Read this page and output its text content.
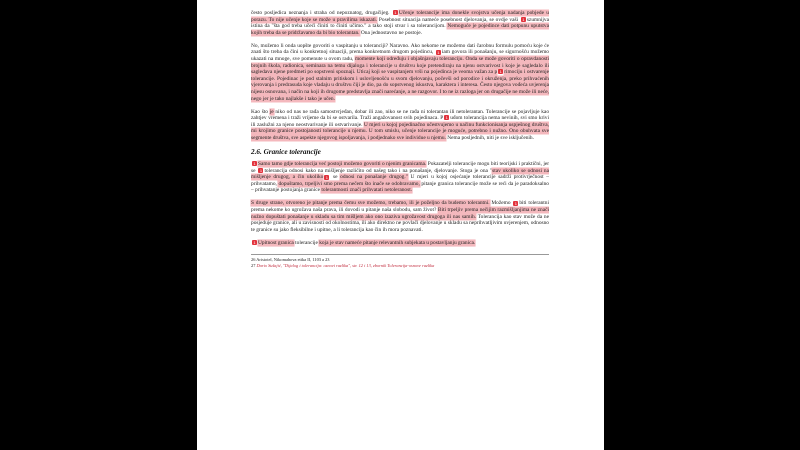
često posljedica neznanja i straha od nepoznatog, drugačijeg. 1 Učenje tolerancije ima donekle svojstva učenja nadanja pobjede u porazu. To nije učenje koje se može u pravilima iskazati. Posebnost situacija nameće posebnost djelovanja, se ovdje vaši 1 szumnijva istina da "šta god treba učeći činiti to činiti učimo." a tako stoji stvar i sa tolerancijom. Nemoguće je pojedince dati potpunu uputstva kojih treba da se pridržavamo da bi bio tolerantan. Ona jednostavno ne postoje.
No, možemo li onda uopšte govoriti o vaspitanju u toleranciji? Naravno. Ako nekome ne možemo dati čarobnu formulu pomoću koje će znati što treba da čini u konkretnoj situaciji, prema konkretnom drugom pojedincu, 1 iam govora ili ponašanju, se sigurnošću možemo ukazati na mnoge, sve pomenute u ovom radu, momente koji određuju i objašnjavaju toleranciju. Onda se može govoriti o opravdanosti brojnih škola, radionica, seminara na temu dijaloga i tolerancije u društvu koje pretendiraju na njenu ostvarivost i koje je sagledalo ili sagledava njene predmeti po sopstveni spoznaji. Uticaj koji se vaspitanjem vrši na pojedinca je veoma važan za p 1 rimociju i ostvarenje tolerancije. Pojedinac je pod stalnim pritiskom i uslovljenošću u svom djelovanju, počevši od porodice i okruženja, preko prihvaćenih vjerovanja i predrasuda koje vladaju u društvu čiji je dio, pa do sopstvenog iskustva, karaktera i interesa. Često njegova vođeća uvjerenja nijesu osnovana, i način na koji ih drugome predstavlja znači narećanje, a ne razgovor. I to ne iz razloga jer on drugačije ne može ili neće, nego jer je tako najlakše i tako je učen.
Kao što je niko od nas ne rađa samostvrjeđan, dobar ili zao, niko se ne rađa ni tolerantan ili netolerantan. Tolerancije se pojavljuje kao zahtjev vremena i traži vrijeme da bi se ostvarila. Traži angažovanost svih pojedinaca. P 1 uđom tolerancija nema nevinih, svi smo krivi ili zaslužni za njeno neostvarivanje ili ostvarivanje. U mjeri u kojoj pojedinačno učestvujemo u načinu funkcionisanja uspješnog društva, mi krojimo granice postojanosti tolerancije u njemu. U tom smislu, učenje tolerancije je moguće, potrebno i nužno. Ono obuhvata sve segmente društva, sve aspekte njegovog ispoljavanja, i podjednako sve individue u njemu. Nema posljednih, niti je sve isključenih.
2.6. Granice tolerancije
1 Samo tamo gdje tolerancija već postoji možemo govoriti o njenim granicama. Pokazatelji tolerancije mogu biti teorijski i praktični, jer se 1 tolerancija odnosi kako na mišljenje različito od našeg tako i na ponašanje, djelovanje. Stoga je ona "stav ukoliko se odnosi na mišljenje drugog, a čin ukoliko 1 se odnosi na ponašanje drugog." U mjeri u kojoj osjećanje tolerancije sadrži protivrječnost – prihvatamo, dopuštamo, trpeljivi smo prema nečem što inače se odobravamo, pitanje granica tolerancije može se reći da je paradoksalno – prihvatanje postojanja granice tolerantnosti znači prihvatati netoleranost.
S druge strane, otvoreno je pitanje prema čemu sve možemo, trebamo, ili je poželjno da budemo tolerantni. Možemo 1 biti tolerantni prema nekome ko ugrožava naša prava, ili dovodi u pitanje naša slobodu, sam život? Biti trpeljiv prema nečijim razmišljanjima ne znači nužno dopuštati ponašanje u skladu sa tim mišljem ako ono izaziva ugrožavost drugoga ili nas samih. Tolerancija kao stav može da ne posjeduje granice, ali u zavisnosti od okolnostima, ili ako direktno ne povlači djelovanje u skladu sa neprihvatljivim uvjerenjem, odnosno te granice su jako fleksibilne i upitne, a li tolerancija kao čin ih mora poznavati.
1 Upitnost granica tolerancije koja je stav nameće pitanje relevantnih subjekata u postavljanju granica.
26 Aristotel, Nikomahova etika II, 1103 a 23
27 Dario Sušajić, "Dijalog i tolerancija: osnovi razlika", str. 12 i 13, zbornik Tolerancija-osnove razlika
